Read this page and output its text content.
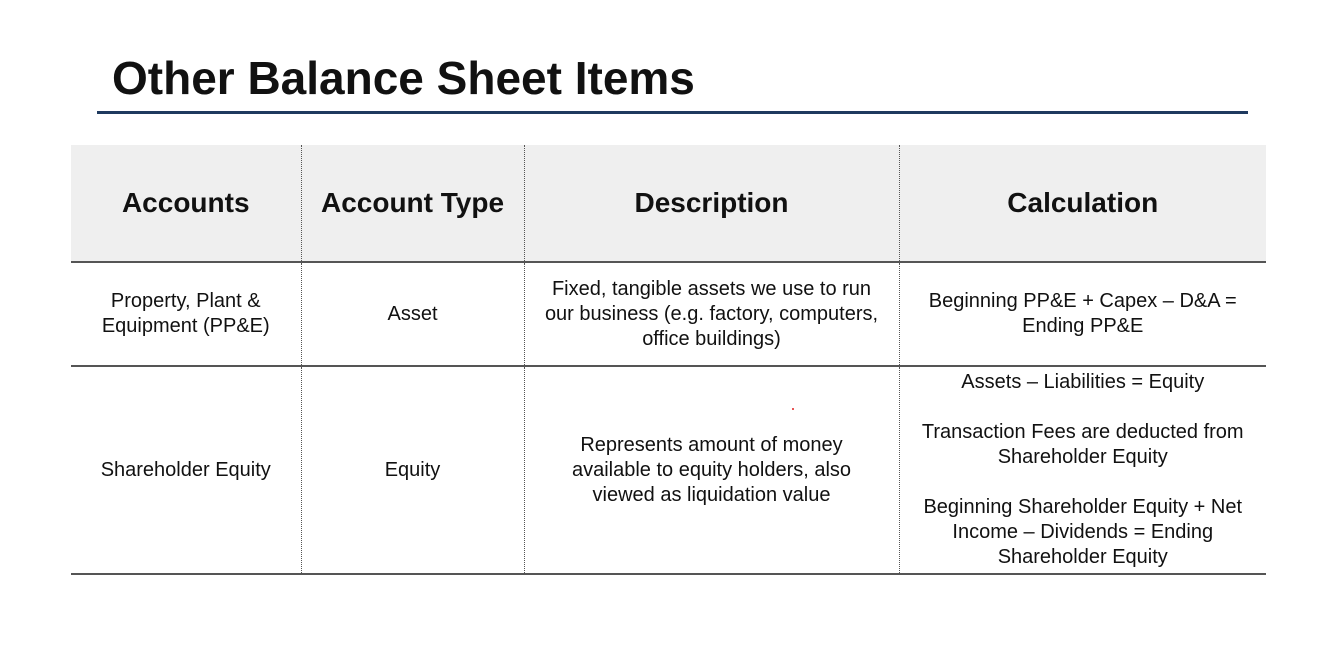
Other Balance Sheet Items
Accounts	Account Type	Description	Calculation
Property, Plant & Equipment (PP&E)	Asset	Fixed, tangible assets we use to run our business (e.g. factory, computers, office buildings)	Beginning PP&E + Capex – D&A = Ending PP&E
Shareholder Equity	Equity	Represents amount of money available to equity holders, also viewed as liquidation value	Assets – Liabilities = Equity
Transaction Fees are deducted from Shareholder Equity
Beginning Shareholder Equity + Net Income – Dividends = Ending Shareholder Equity
